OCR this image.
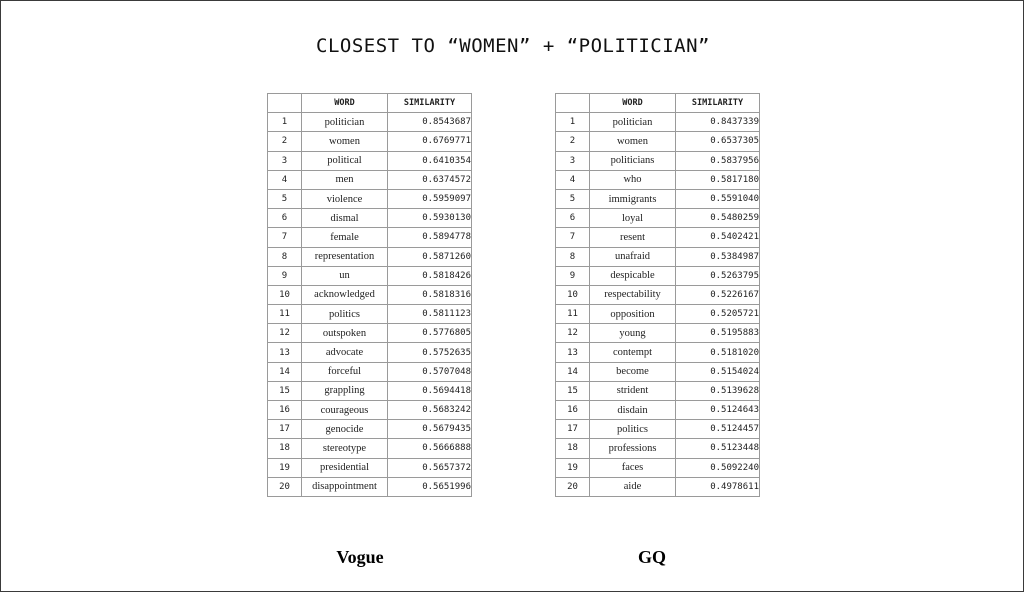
CLOSEST TO “WOMEN” + “POLITICIAN”
	WORD	SIMILARITY
1	politician	0.8543687
2	women	0.6769771
3	political	0.6410354
4	men	0.6374572
5	violence	0.5959097
6	dismal	0.5930130
7	female	0.5894778
8	representation	0.5871260
9	un	0.5818426
10	acknowledged	0.5818316
11	politics	0.5811123
12	outspoken	0.5776805
13	advocate	0.5752635
14	forceful	0.5707048
15	grappling	0.5694418
16	courageous	0.5683242
17	genocide	0.5679435
18	stereotype	0.5666888
19	presidential	0.5657372
20	disappointment	0.5651996
	WORD	SIMILARITY
1	politician	0.8437339
2	women	0.6537305
3	politicians	0.5837956
4	who	0.5817180
5	immigrants	0.5591040
6	loyal	0.5480259
7	resent	0.5402421
8	unafraid	0.5384987
9	despicable	0.5263795
10	respectability	0.5226167
11	opposition	0.5205721
12	young	0.5195883
13	contempt	0.5181020
14	become	0.5154024
15	strident	0.5139628
16	disdain	0.5124643
17	politics	0.5124457
18	professions	0.5123448
19	faces	0.5092240
20	aide	0.4978611
Vogue	GQ
